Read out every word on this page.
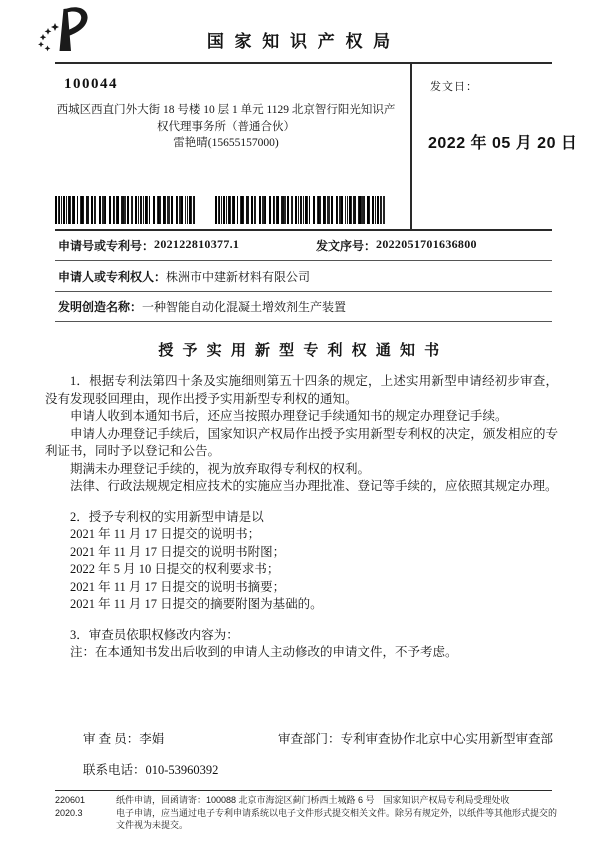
国 家 知 识 产 权 局
100044
西城区西直门外大街 18 号楼 10 层 1 单元 1129 北京智行阳光知识产
权代理事务所（普通合伙）
雷艳晴(15655157000)
发文日：
2022 年 05 月 20 日
申请号或专利号： 202122810377.1	发文序号： 2022051701636800
申请人或专利权人： 株洲市中建新材料有限公司
发明创造名称： 一种智能自动化混凝土增效剂生产装置
授 予 实 用 新 型 专 利 权 通 知 书

1．根据专利法第四十条及实施细则第五十四条的规定，上述实用新型申请经初步审查，没有发现驳回理由，现作出授予实用新型专利权的通知。

申请人收到本通知书后，还应当按照办理登记手续通知书的规定办理登记手续。

申请人办理登记手续后，国家知识产权局作出授予实用新型专利权的决定，颁发相应的专利证书，同时予以登记和公告。

期满未办理登记手续的，视为放弃取得专利权的权利。

法律、行政法规规定相应技术的实施应当办理批准、登记等手续的，应依照其规定办理。

2．授予专利权的实用新型申请是以

2021 年 11 月 17 日提交的说明书；

2021 年 11 月 17 日提交的说明书附图；

2022 年 5 月 10 日提交的权利要求书；

2021 年 11 月 17 日提交的说明书摘要；

2021 年 11 月 17 日提交的摘要附图为基础的。

3．审查员依职权修改内容为：

注：在本通知书发出后收到的申请人主动修改的申请文件，不予考虑。

审 查 员：李娟	审查部门：专利审查协作北京中心实用新型审查部
联系电话：010-53960392
220601
2020.3
纸件申请，回函请寄：100088 北京市海淀区蓟门桥西土城路 6 号　国家知识产权局专利局受理处收
电子申请，应当通过电子专利申请系统以电子文件形式提交相关文件。除另有规定外，以纸件等其他形式提交的文件视为未提交。
